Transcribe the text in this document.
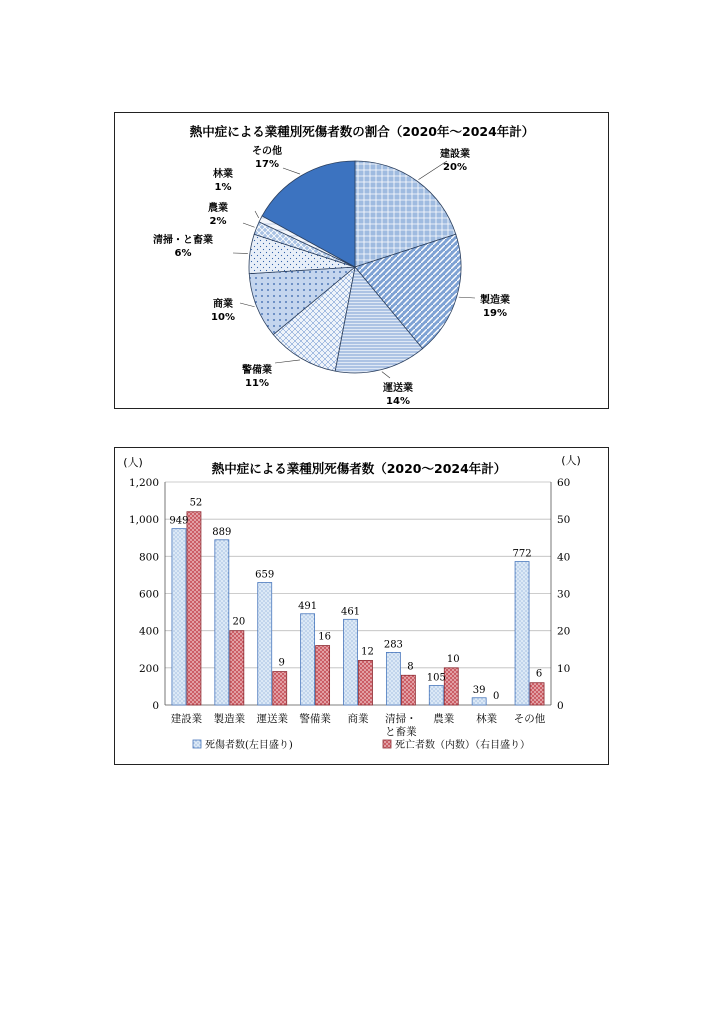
熱中症による業種別死傷者数の割合（2020年～2024年計）
建設業
20%
製造業
19%
運送業
14%
警備業
11%
商業
10%
清掃・と畜業
6%
農業
2%
林業
1%
その他
17%
(人)	(人)
熱中症による業種別死傷者数（2020～2024年計）
0
200
400
600
800
1,000
1,200
0
10
20
30
40
50
60
949
52
建設業
889
20
製造業
659
9
運送業
491
16
警備業
461
12
商業
283
8
清掃・
と畜業
105
10
農業
39
0
林業
772
6
その他
死傷者数(左目盛り)	死亡者数（内数）（右目盛り）
